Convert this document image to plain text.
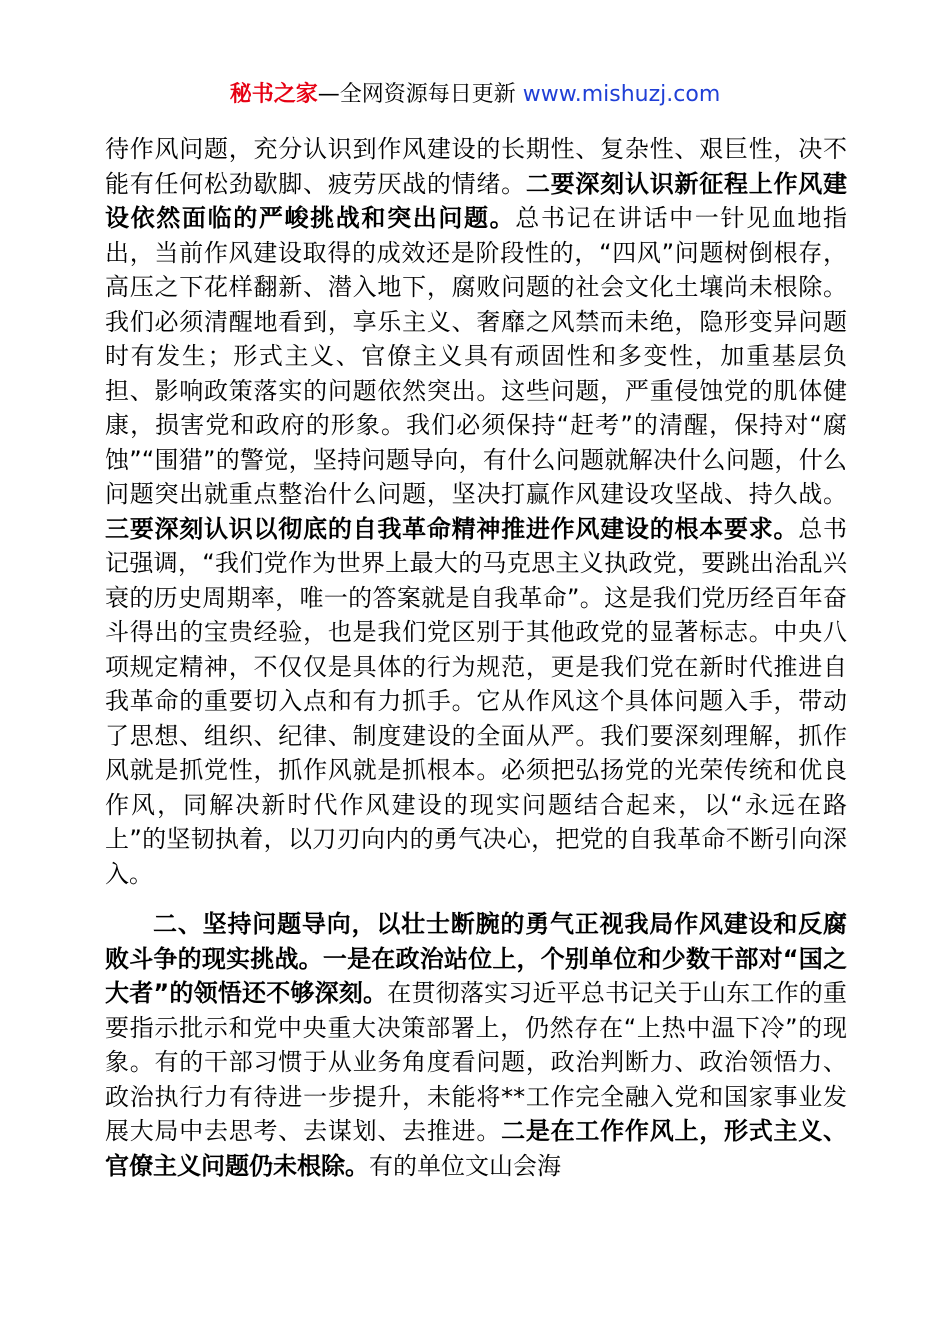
秘书之家—全网资源每日更新 www.mishuzj.com

待作风问题，充分认识到作风建设的长期性、复杂性、艰巨性，决不能有任何松劲歇脚、疲劳厌战的情绪。二要深刻认识新征程上作风建设依然面临的严峻挑战和突出问题。总书记在讲话中一针见血地指出，当前作风建设取得的成效还是阶段性的，“四风”问题树倒根存，高压之下花样翻新、潜入地下，腐败问题的社会文化土壤尚未根除。我们必须清醒地看到，享乐主义、奢靡之风禁而未绝，隐形变异问题时有发生；形式主义、官僚主义具有顽固性和多变性，加重基层负担、影响政策落实的问题依然突出。这些问题，严重侵蚀党的肌体健康，损害党和政府的形象。我们必须保持“赶考”的清醒，保持对“腐蚀”“围猎”的警觉，坚持问题导向，有什么问题就解决什么问题，什么问题突出就重点整治什么问题，坚决打赢作风建设攻坚战、持久战。三要深刻认识以彻底的自我革命精神推进作风建设的根本要求。总书记强调，“我们党作为世界上最大的马克思主义执政党，要跳出治乱兴衰的历史周期率，唯一的答案就是自我革命”。这是我们党历经百年奋斗得出的宝贵经验，也是我们党区别于其他政党的显著标志。中央八项规定精神，不仅仅是具体的行为规范，更是我们党在新时代推进自我革命的重要切入点和有力抓手。它从作风这个具体问题入手，带动了思想、组织、纪律、制度建设的全面从严。我们要深刻理解，抓作风就是抓党性，抓作风就是抓根本。必须把弘扬党的光荣传统和优良作风，同解决新时代作风建设的现实问题结合起来，以“永远在路上”的坚韧执着，以刀刃向内的勇气决心，把党的自我革命不断引向深入。

二、坚持问题导向，以壮士断腕的勇气正视我局作风建设和反腐败斗争的现实挑战。一是在政治站位上，个别单位和少数干部对“国之大者”的领悟还不够深刻。在贯彻落实习近平总书记关于山东工作的重要指示批示和党中央重大决策部署上，仍然存在“上热中温下冷”的现象。有的干部习惯于从业务角度看问题，政治判断力、政治领悟力、政治执行力有待进一步提升，未能将**工作完全融入党和国家事业发展大局中去思考、去谋划、去推进。二是在工作作风上，形式主义、官僚主义问题仍未根除。有的单位文山会海
